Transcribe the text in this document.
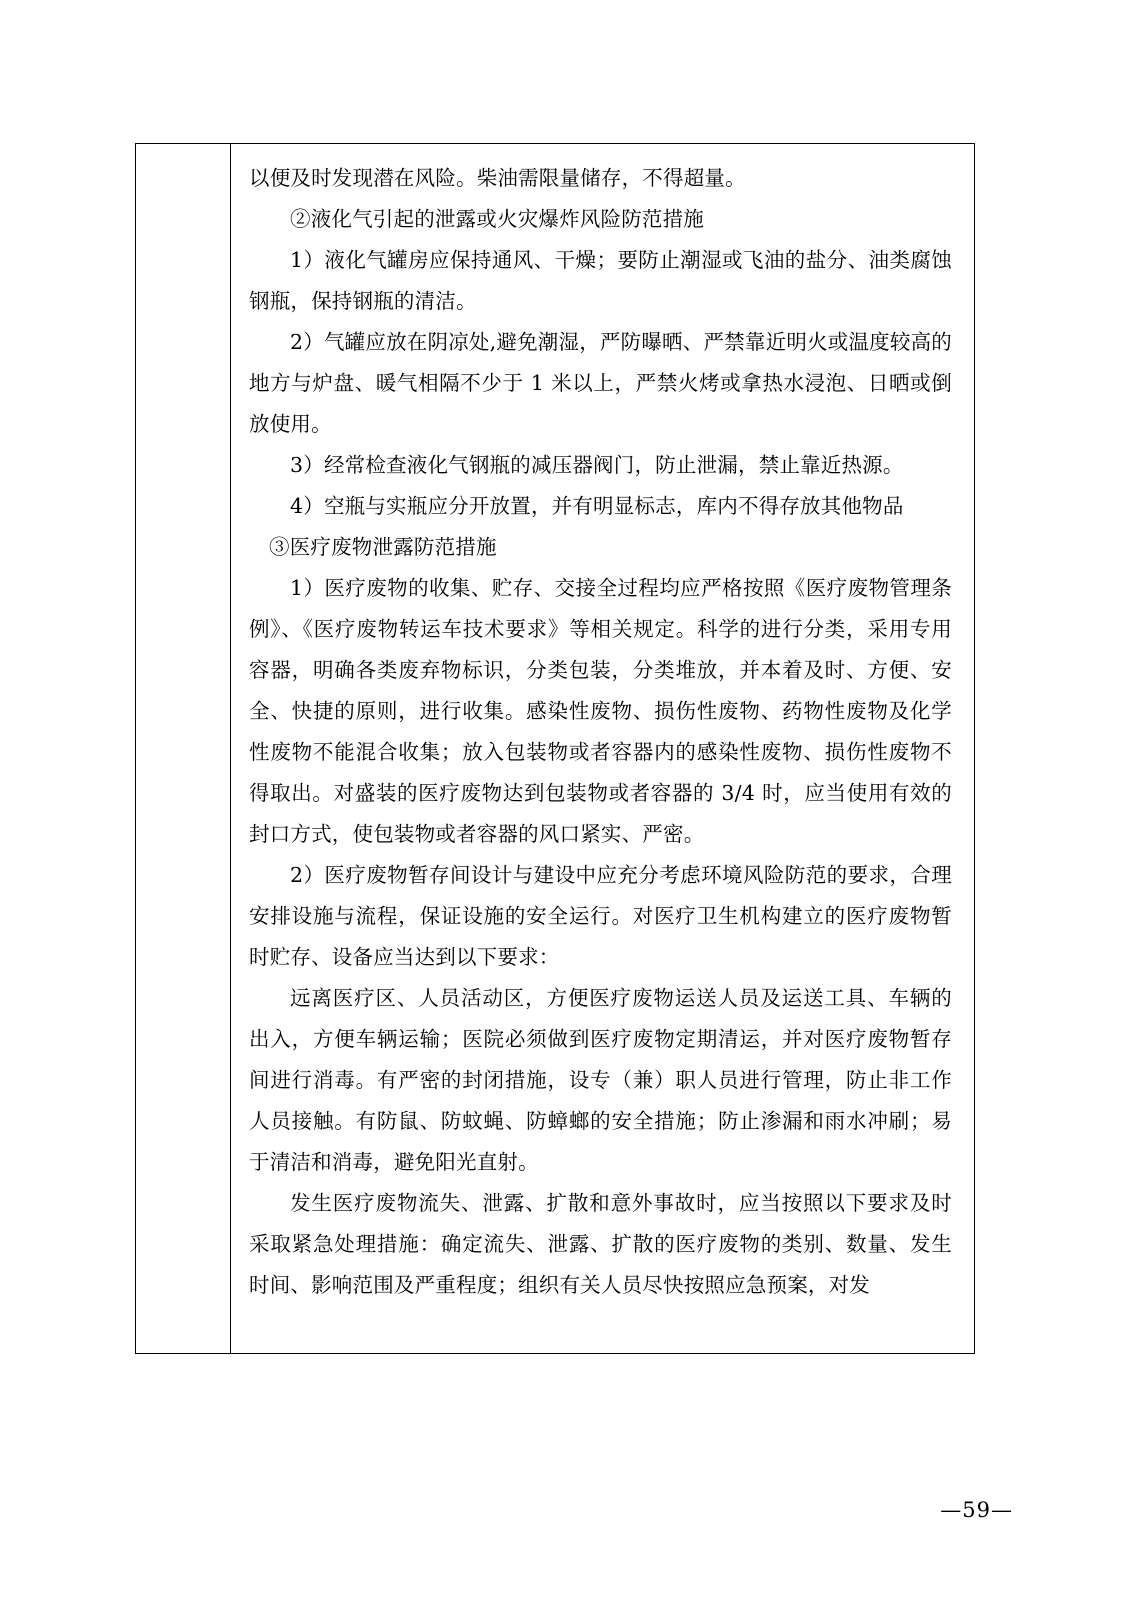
以便及时发现潜在风险。柴油需限量储存，不得超量。

②液化气引起的泄露或火灾爆炸风险防范措施

1）液化气罐房应保持通风、干燥；要防止潮湿或飞油的盐分、油类腐蚀钢瓶，保持钢瓶的清洁。

2）气罐应放在阴凉处,避免潮湿，严防曝晒、严禁靠近明火或温度较高的地方与炉盘、暖气相隔不少于 1 米以上，严禁火烤或拿热水浸泡、日晒或倒放使用。

3）经常检查液化气钢瓶的减压器阀门，防止泄漏，禁止靠近热源。

4）空瓶与实瓶应分开放置，并有明显标志，库内不得存放其他物品

③医疗废物泄露防范措施

1）医疗废物的收集、贮存、交接全过程均应严格按照《医疗废物管理条例》、《医疗废物转运车技术要求》等相关规定。科学的进行分类，采用专用容器，明确各类废弃物标识，分类包装，分类堆放，并本着及时、方便、安全、快捷的原则，进行收集。感染性废物、损伤性废物、药物性废物及化学性废物不能混合收集；放入包装物或者容器内的感染性废物、损伤性废物不得取出。对盛装的医疗废物达到包装物或者容器的 3/4 时，应当使用有效的封口方式，使包装物或者容器的风口紧实、严密。

2）医疗废物暂存间设计与建设中应充分考虑环境风险防范的要求，合理安排设施与流程，保证设施的安全运行。对医疗卫生机构建立的医疗废物暂时贮存、设备应当达到以下要求：

远离医疗区、人员活动区，方便医疗废物运送人员及运送工具、车辆的出入，方便车辆运输；医院必须做到医疗废物定期清运，并对医疗废物暂存间进行消毒。有严密的封闭措施，设专（兼）职人员进行管理，防止非工作人员接触。有防鼠、防蚊蝇、防蟑螂的安全措施；防止渗漏和雨水冲刷；易于清洁和消毒，避免阳光直射。

发生医疗废物流失、泄露、扩散和意外事故时，应当按照以下要求及时采取紧急处理措施：确定流失、泄露、扩散的医疗废物的类别、数量、发生时间、影响范围及严重程度；组织有关人员尽快按照应急预案，对发

—59—
